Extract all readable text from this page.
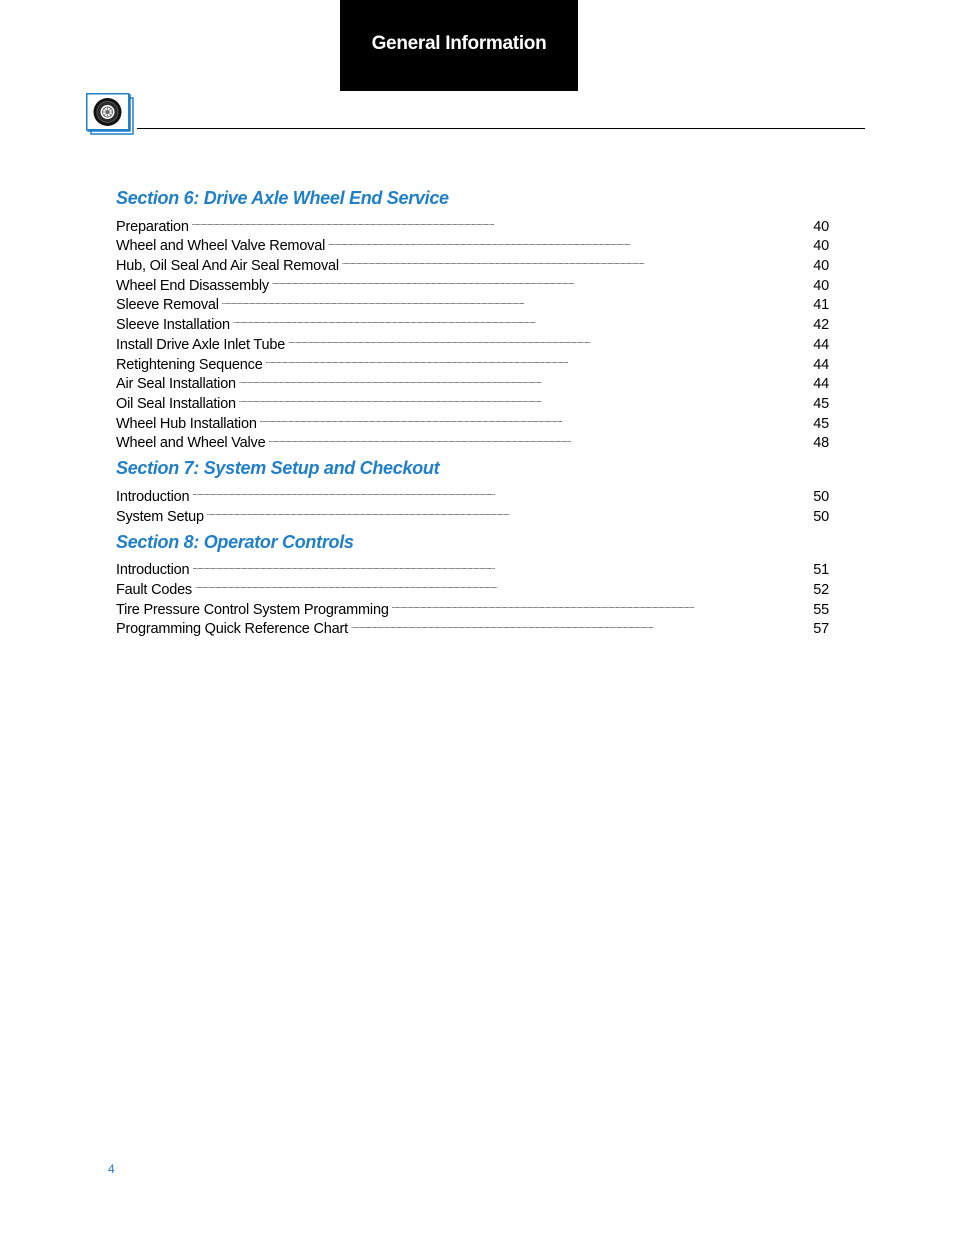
General Information
Section 6: Drive Axle Wheel End Service
Preparation . . .	40
Wheel and Wheel Valve Removal . . .	40
Hub, Oil Seal And Air Seal Removal . . .	40
Wheel End Disassembly . . .	40
Sleeve Removal . . .	41
Sleeve Installation . . .	42
Install Drive Axle Inlet Tube . . .	44
Retightening Sequence . . .	44
Air Seal Installation . . .	44
Oil Seal Installation . . .	45
Wheel Hub Installation . . .	45
Wheel and Wheel Valve . . .	48
Section 7: System Setup and Checkout
Introduction . . .	50
System Setup . . .	50
Section 8: Operator Controls
Introduction . . .	51
Fault Codes . . .	52
Tire Pressure Control System Programming . . .	55
Programming Quick Reference Chart . . .	57
4
